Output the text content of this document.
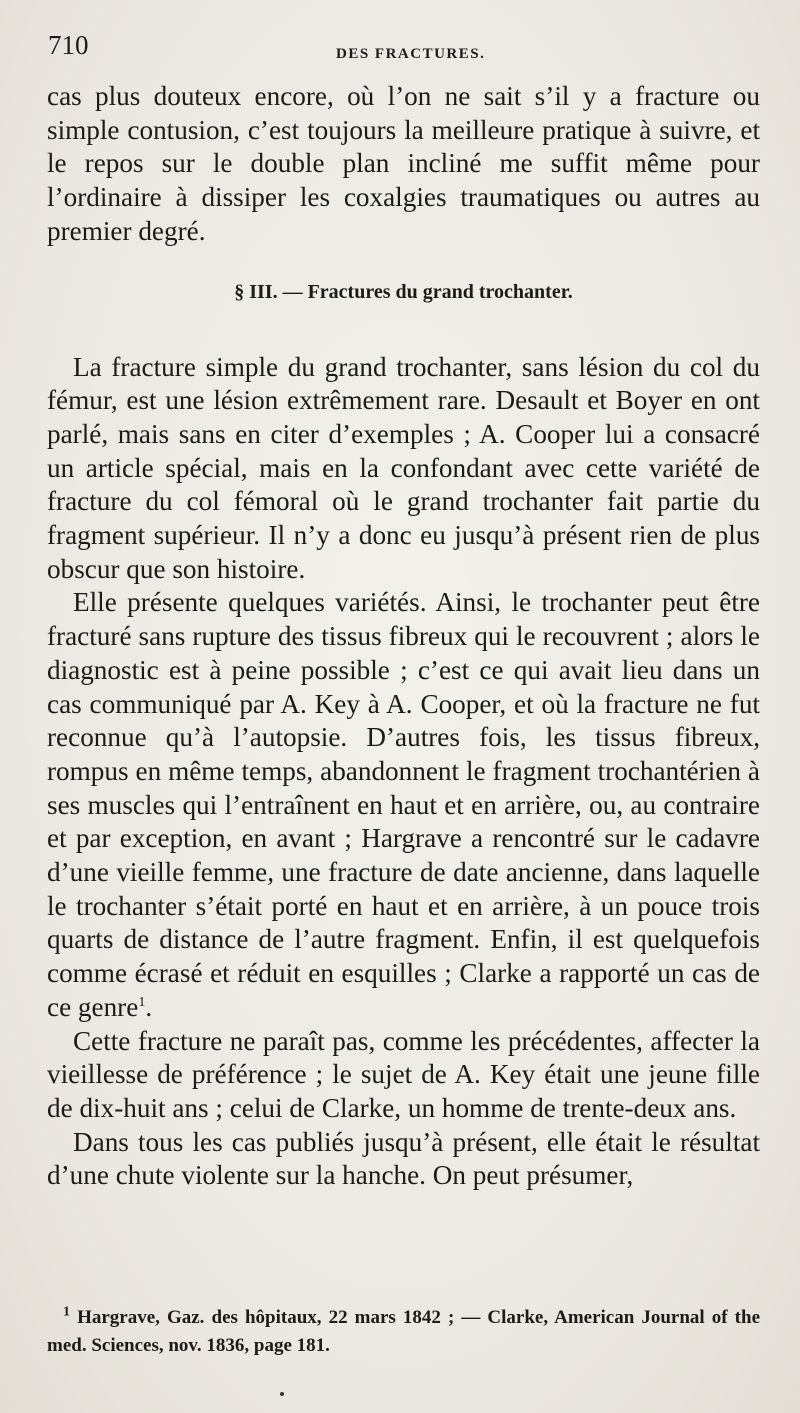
710	DES FRACTURES.

cas plus douteux encore, où l’on ne sait s’il y a fracture ou simple contusion, c’est toujours la meilleure pratique à suivre, et le repos sur le double plan incliné me suffit même pour l’ordinaire à dissiper les coxalgies traumatiques ou autres au premier degré.

§ III. — Fractures du grand trochanter.

La fracture simple du grand trochanter, sans lésion du col du fémur, est une lésion extrêmement rare. Desault et Boyer en ont parlé, mais sans en citer d’exemples ; A. Cooper lui a consacré un article spécial, mais en la confondant avec cette variété de fracture du col fémoral où le grand trochanter fait partie du fragment supérieur. Il n’y a donc eu jusqu’à présent rien de plus obscur que son histoire.

Elle présente quelques variétés. Ainsi, le trochanter peut être fracturé sans rupture des tissus fibreux qui le recouvrent ; alors le diagnostic est à peine possible ; c’est ce qui avait lieu dans un cas communiqué par A. Key à A. Cooper, et où la fracture ne fut reconnue qu’à l’autopsie. D’autres fois, les tissus fibreux, rompus en même temps, abandonnent le fragment trochantérien à ses muscles qui l’entraînent en haut et en arrière, ou, au contraire et par exception, en avant ; Hargrave a rencontré sur le cadavre d’une vieille femme, une fracture de date ancienne, dans laquelle le trochanter s’était porté en haut et en arrière, à un pouce trois quarts de distance de l’autre fragment. Enfin, il est quelquefois comme écrasé et réduit en esquilles ; Clarke a rapporté un cas de ce genre$^1$.

Cette fracture ne paraît pas, comme les précédentes, affecter la vieillesse de préférence ; le sujet de A. Key était une jeune fille de dix-huit ans ; celui de Clarke, un homme de trente-deux ans.

Dans tous les cas publiés jusqu’à présent, elle était le résultat d’une chute violente sur la hanche. On peut présumer,

$^1$ Hargrave, Gaz. des hôpitaux, 22 mars 1842 ; — Clarke, American Journal of the med. Sciences, nov. 1836, page 181.
